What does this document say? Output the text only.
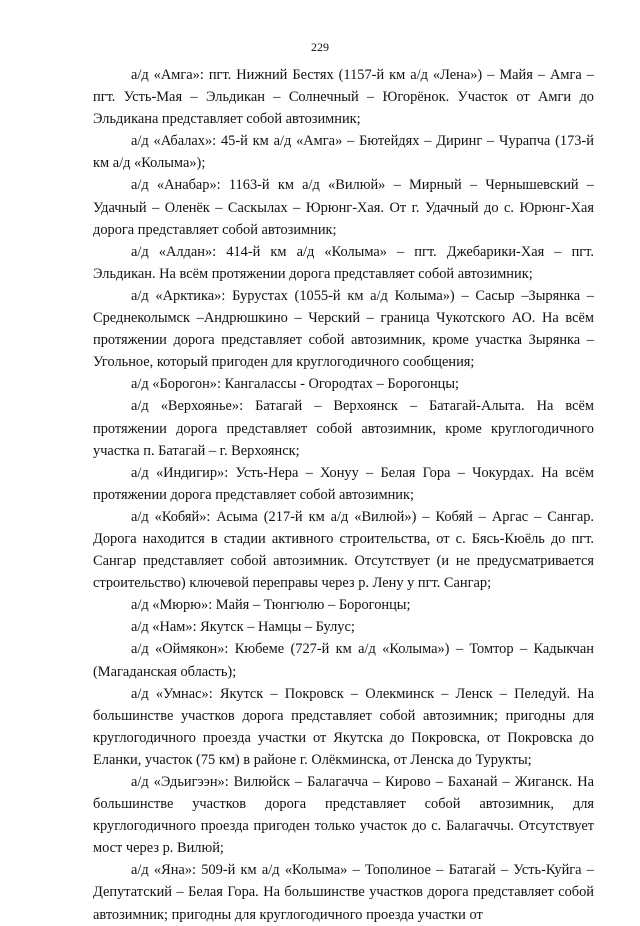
229

а/д «Амга»: пгт. Нижний Бестях (1157-й км а/д «Лена») – Майя – Амга – пгт. Усть-Мая – Эльдикан – Солнечный – Югорёнок. Участок от Амги до Эльдикана представляет собой автозимник;

а/д «Абалах»: 45-й км а/д «Амга» – Бютейдях – Диринг – Чурапча (173-й км а/д «Колыма»);

а/д «Анабар»: 1163-й км а/д «Вилюй» – Мирный – Чернышевский – Удачный – Оленёк – Саскылах – Юрюнг-Хая. От г. Удачный до с. Юрюнг-Хая дорога представляет собой автозимник;

а/д «Алдан»: 414-й км а/д «Колыма» – пгт. Джебарики-Хая – пгт. Эльдикан. На всём протяжении дорога представляет собой автозимник;

а/д «Арктика»: Бурустах (1055-й км а/д Колыма») – Сасыр –Зырянка – Среднеколымск –Андрюшкино – Черский – граница Чукотского АО. На всём протяжении дорога представляет собой автозимник, кроме участка Зырянка – Угольное, который пригоден для круглогодичного сообщения;

а/д «Борогон»: Кангалассы - Огородтах – Борогонцы;

а/д «Верхоянье»: Батагай – Верхоянск – Батагай-Алыта. На всём протяжении дорога представляет собой автозимник, кроме круглогодичного участка п. Батагай – г. Верхоянск;

а/д «Индигир»: Усть-Нера – Хонуу – Белая Гора – Чокурдах. На всём протяжении дорога представляет собой автозимник;

а/д «Кобяй»: Асыма (217-й км а/д «Вилюй») – Кобяй – Аргас – Сангар. Дорога находится в стадии активного строительства, от с. Бясь-Кюёль до пгт. Сангар представляет собой автозимник. Отсутствует (и не предусматривается строительство) ключевой переправы через р. Лену у пгт. Сангар;

а/д «Мюрю»: Майя – Тюнгюлю – Борогонцы;

а/д «Нам»: Якутск – Намцы – Булус;

а/д «Оймякон»: Кюбеме (727-й км а/д «Колыма») – Томтор – Кадыкчан (Магаданская область);

а/д «Умнас»: Якутск – Покровск – Олекминск – Ленск – Пеледуй. На большинстве участков дорога представляет собой автозимник; пригодны для круглогодичного проезда участки от Якутска до Покровска, от Покровска до Еланки, участок (75 км) в районе г. Олёкминска, от Ленска до Турукты;

а/д «Эдьигээн»: Вилюйск – Балагачча – Кирово – Баханай – Жиганск. На большинстве участков дорога представляет собой автозимник, для круглогодичного проезда пригоден только участок до с. Балагаччы. Отсутствует мост через р. Вилюй;

а/д «Яна»: 509-й км а/д «Колыма» – Тополиное – Батагай – Усть-Куйга – Депутатский – Белая Гора. На большинстве участков дорога представляет собой автозимник; пригодны для круглогодичного проезда участки от
